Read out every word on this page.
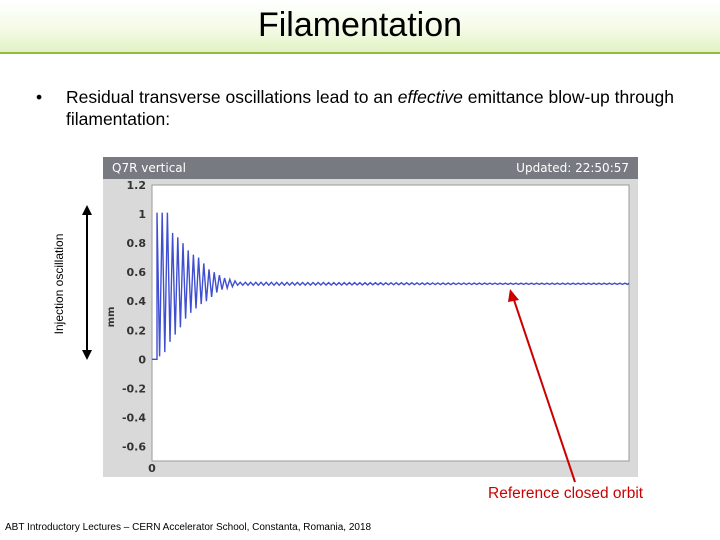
Filamentation
• Residual transverse oscillations lead to an effective emittance blow-up through filamentation:
Q7R vertical	Updated: 22:50:57
1.2
1
0.8
0.6
0.4
0.2
0
-0.2
-0.4
-0.6
0
mm
Injection oscillation
Reference closed orbit
ABT Introductory Lectures – CERN Accelerator School, Constanta, Romania, 2018
